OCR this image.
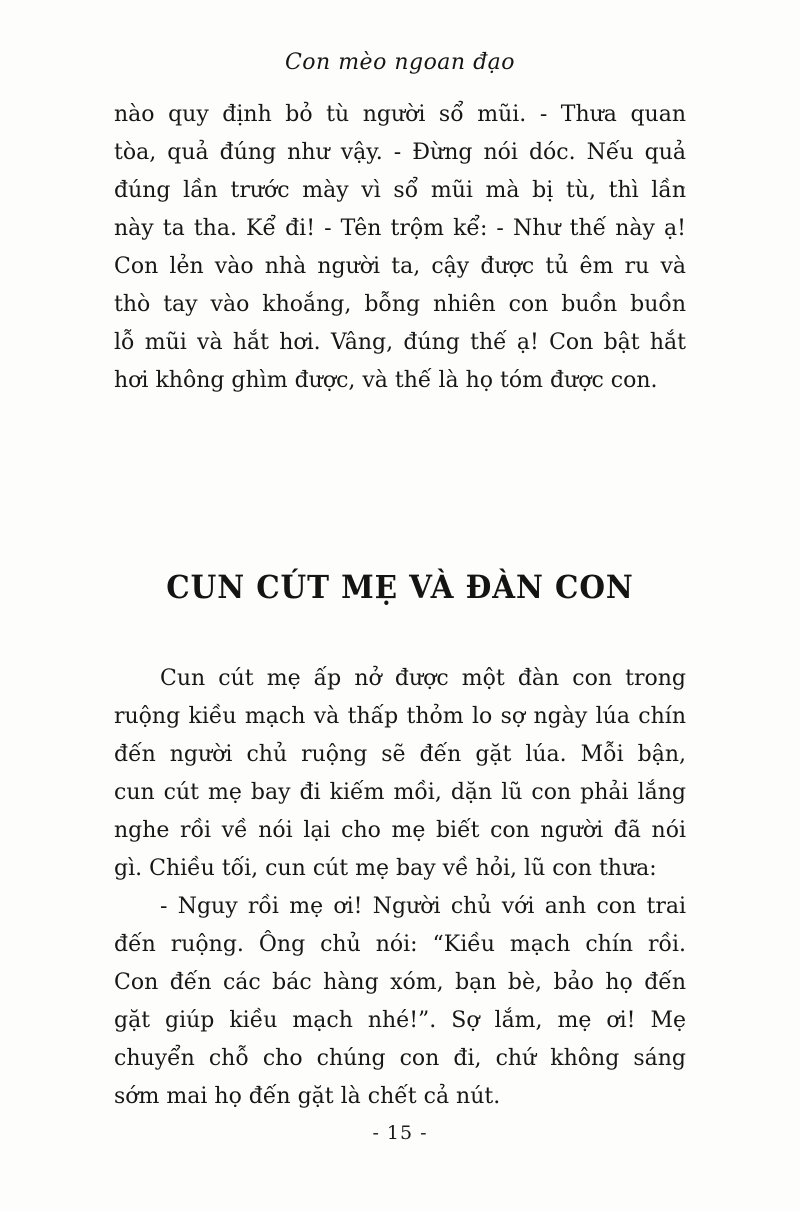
Con mèo ngoan đạo
nào quy định bỏ tù người sổ mũi. - Thưa quan
tòa, quả đúng như vậy. - Đừng nói dóc. Nếu quả
đúng lần trước mày vì sổ mũi mà bị tù, thì lần
này ta tha. Kể đi! - Tên trộm kể: - Như thế này ạ!
Con lẻn vào nhà người ta, cậy được tủ êm ru và
thò tay vào khoắng, bỗng nhiên con buồn buồn
lỗ mũi và hắt hơi. Vâng, đúng thế ạ! Con bật hắt
hơi không ghìm được, và thế là họ tóm được con.
CUN CÚT MẸ VÀ ĐÀN CON
Cun cút mẹ ấp nở được một đàn con trong
ruộng kiều mạch và thấp thỏm lo sợ ngày lúa chín
đến người chủ ruộng sẽ đến gặt lúa. Mỗi bận,
cun cút mẹ bay đi kiếm mồi, dặn lũ con phải lắng
nghe rồi về nói lại cho mẹ biết con người đã nói
gì. Chiều tối, cun cút mẹ bay về hỏi, lũ con thưa:
- Nguy rồi mẹ ơi! Người chủ với anh con trai
đến ruộng. Ông chủ nói: “Kiều mạch chín rồi.
Con đến các bác hàng xóm, bạn bè, bảo họ đến
gặt giúp kiều mạch nhé!”. Sợ lắm, mẹ ơi! Mẹ
chuyển chỗ cho chúng con đi, chứ không sáng
sớm mai họ đến gặt là chết cả nút.
- 15 -
